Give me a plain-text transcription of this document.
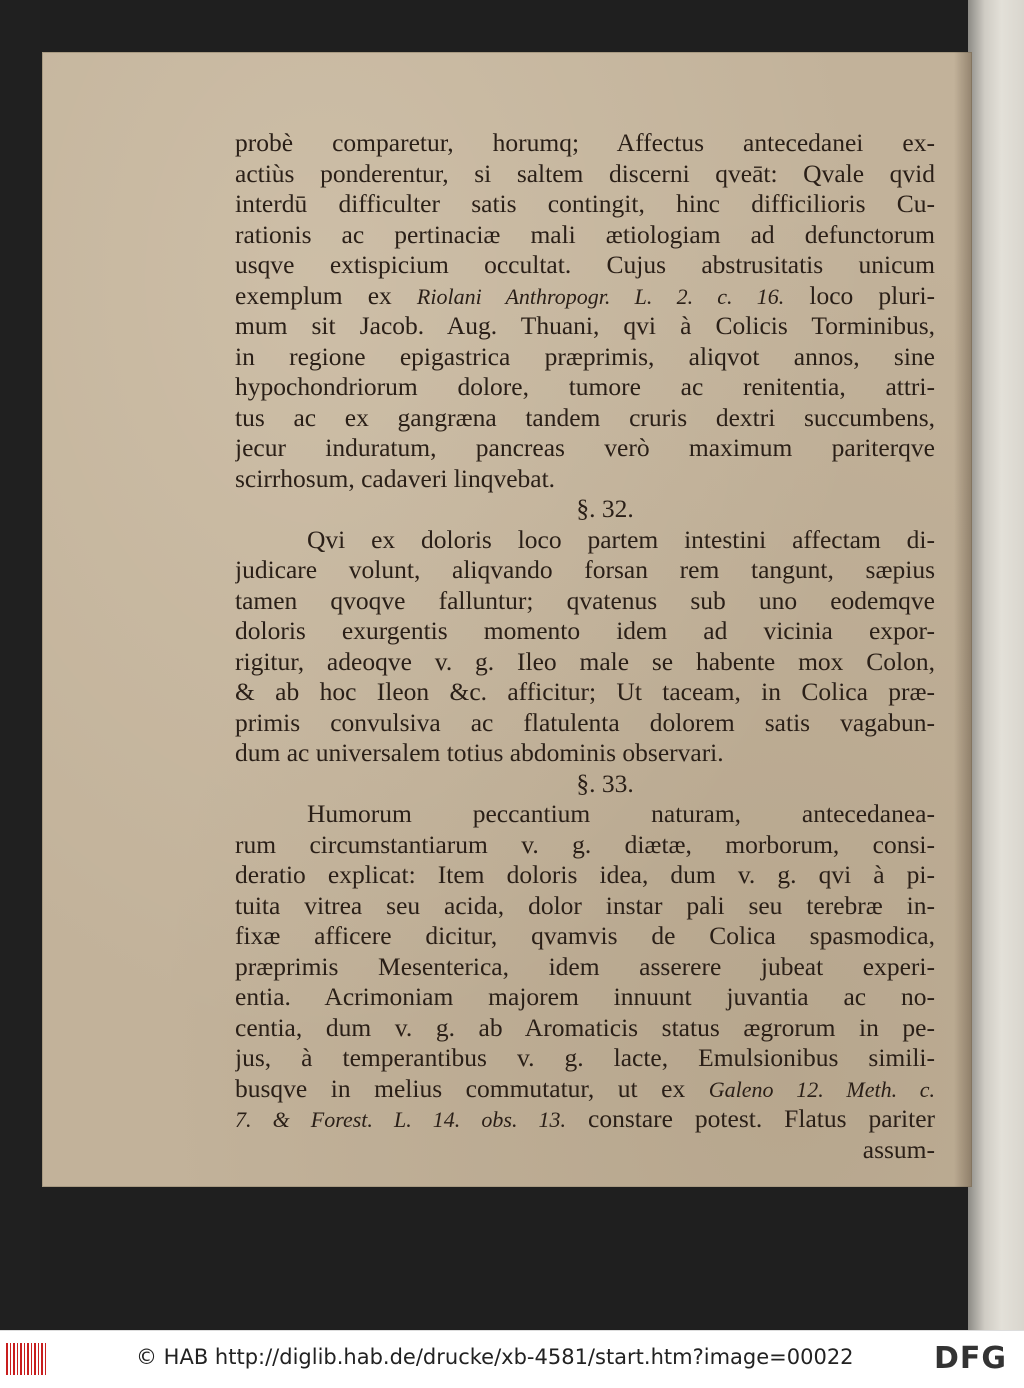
probè comparetur, horumq; Affectus antecedanei ex-
actiùs ponderentur, si saltem discerni qveāt: Qvale qvid
interdū difficulter satis contingit, hinc difficilioris Cu-
rationis ac pertinaciæ mali ætiologiam ad defunctorum
usqve extispicium occultat. Cujus abstrusitatis unicum
exemplum ex Riolani Anthropogr. L. 2. c. 16. loco pluri-
mum sit Jacob. Aug. Thuani, qvi à Colicis Torminibus,
in regione epigastrica præprimis, aliqvot annos, sine
hypochondriorum dolore, tumore ac renitentia, attri-
tus ac ex gangræna tandem cruris dextri succumbens,
jecur induratum, pancreas verò maximum pariterqve
scirrhosum, cadaveri linqvebat.
§. 32.
Qvi ex doloris loco partem intestini affectam di-
judicare volunt, aliqvando forsan rem tangunt, sæpius
tamen qvoqve falluntur; qvatenus sub uno eodemqve
doloris exurgentis momento idem ad vicinia expor-
rigitur, adeoqve v. g. Ileo male se habente mox Colon,
& ab hoc Ileon &c. afficitur; Ut taceam, in Colica præ-
primis convulsiva ac flatulenta dolorem satis vagabun-
dum ac universalem totius abdominis observari.
§. 33.
Humorum peccantium naturam, antecedanea-
rum circumstantiarum v. g. diætæ, morborum, consi-
deratio explicat: Item doloris idea, dum v. g. qvi à pi-
tuita vitrea seu acida, dolor instar pali seu terebræ in-
fixæ afficere dicitur, qvamvis de Colica spasmodica,
præprimis Mesenterica, idem asserere jubeat experi-
entia. Acrimoniam majorem innuunt juvantia ac no-
centia, dum v. g. ab Aromaticis status ægrorum in pe-
jus, à temperantibus v. g. lacte, Emulsionibus simili-
busqve in melius commutatur, ut ex Galeno 12. Meth. c.
7. & Forest. L. 14. obs. 13. constare potest. Flatus pariter
assum-
© HAB http://diglib.hab.de/drucke/xb-4581/start.htm?image=00022	DFG
